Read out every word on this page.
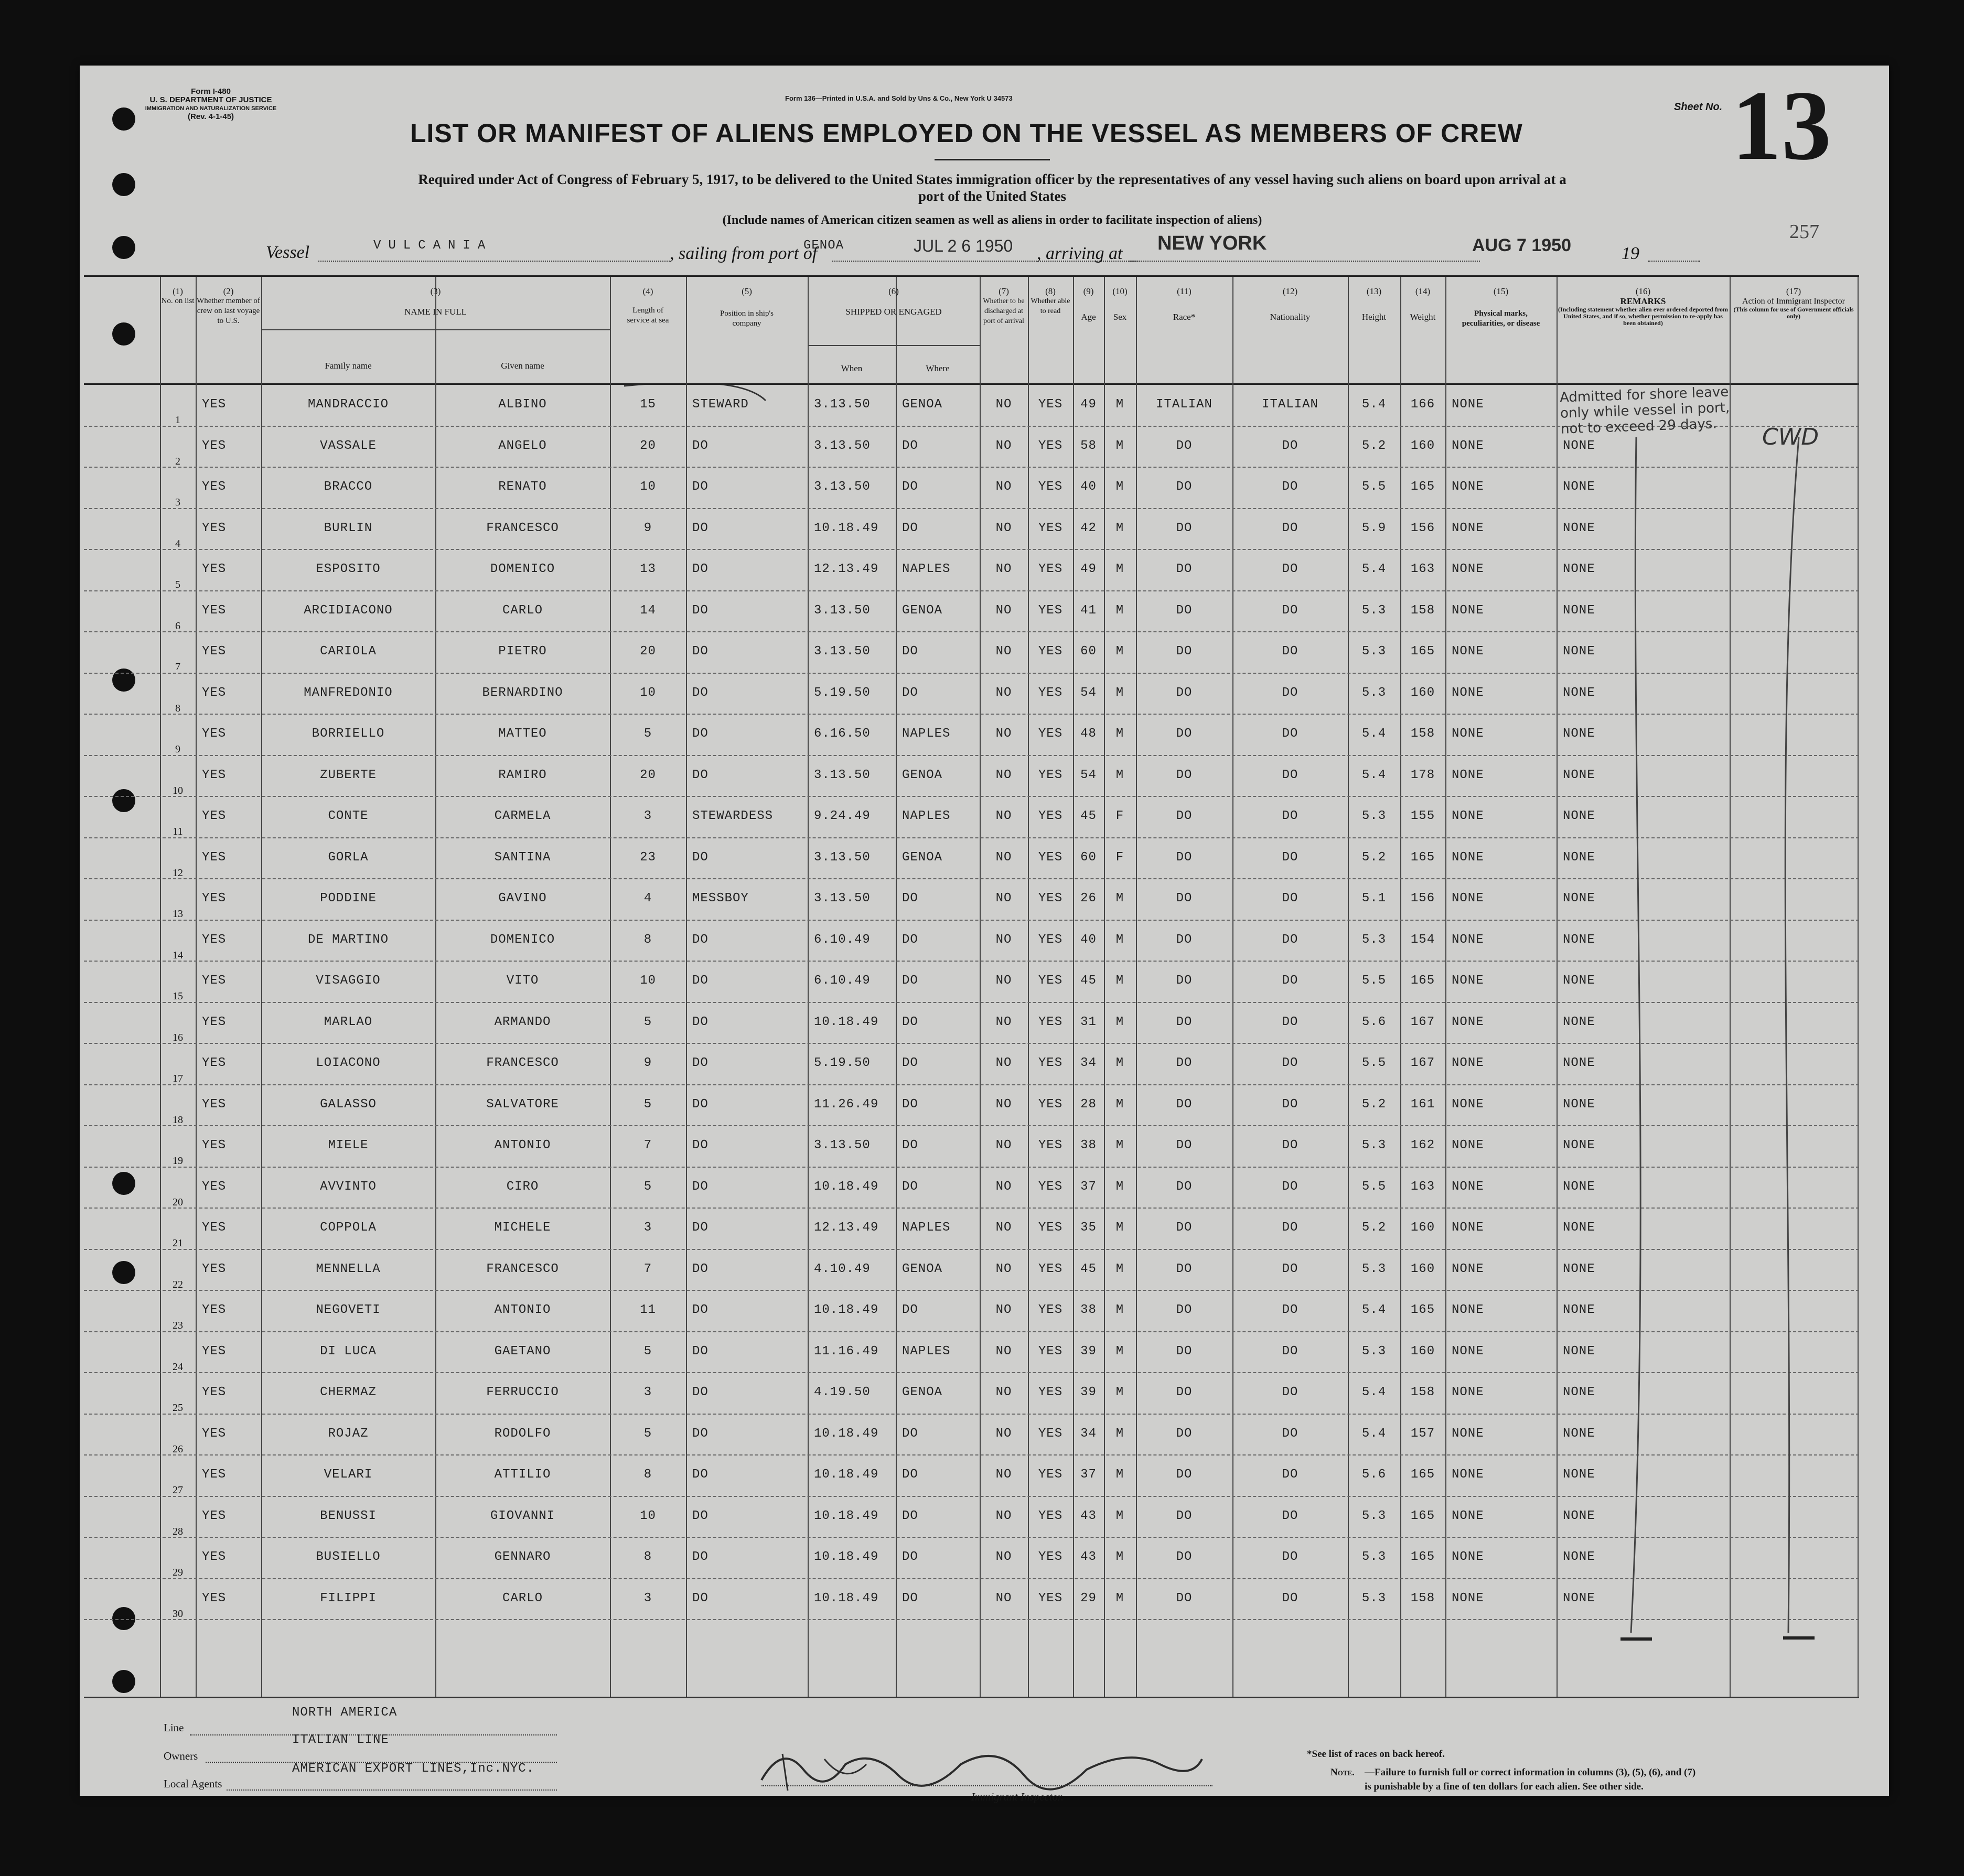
Form I-480
U. S. DEPARTMENT OF JUSTICE
IMMIGRATION AND NATURALIZATION SERVICE
(Rev. 4-1-45)
Form 136—Printed in U.S.A. and Sold by Uns & Co., New York U 34573
Sheet No. 13
257
LIST OR MANIFEST OF ALIENS EMPLOYED ON THE VESSEL AS MEMBERS OF CREW
Required under Act of Congress of February 5, 1917, to be delivered to the United States immigration officer by the representatives of any vessel having such aliens on board upon arrival at a
port of the United States
(Include names of American citizen seamen as well as aliens in order to facilitate inspection of aliens)
Vessel	VULCANIA	, sailing from port of
GENOA	JUL 2 6 1950 , arriving at NEW YORK	AUG 7 1950	19
(1)
No. on list
(2)
Whether member of crew on last voyage to U.S.
(3)
NAME IN FULL
Family name	Given name
(4)
Length of service at sea
(5)
Position in ship's company
(6)
SHIPPED OR ENGAGED
When	Where
(7)
Whether to be discharged at port of arrival
(8)
Whether able to read
(9)
Age
(10)
Sex
(11)
Race*
(12)
Nationality
(13)
Height
(14)
Weight
(15)
Physical marks, peculiarities, or disease
(16)
REMARKS
(Including statement whether alien ever ordered deported from United States, and if so, whether permission to re-apply has been obtained)
(17)
Action of Immigrant Inspector
(This column for use of Government officials only)
1
YES	MANDRACCIO	ALBINO	15	STEWARD	3.13.50	GENOA	NO	YES	49	M	ITALIAN	ITALIAN	5.4	166	NONE
2
YES	VASSALE	ANGELO	20	DO	3.13.50	DO	NO	YES	58	M	DO	DO	5.2	160	NONE	NONE
3
YES	BRACCO	RENATO	10	DO	3.13.50	DO	NO	YES	40	M	DO	DO	5.5	165	NONE	NONE
4
YES	BURLIN	FRANCESCO	9	DO	10.18.49	DO	NO	YES	42	M	DO	DO	5.9	156	NONE	NONE
5
YES	ESPOSITO	DOMENICO	13	DO	12.13.49	NAPLES	NO	YES	49	M	DO	DO	5.4	163	NONE	NONE
6
YES	ARCIDIACONO	CARLO	14	DO	3.13.50	GENOA	NO	YES	41	M	DO	DO	5.3	158	NONE	NONE
7
YES	CARIOLA	PIETRO	20	DO	3.13.50	DO	NO	YES	60	M	DO	DO	5.3	165	NONE	NONE
8
YES	MANFREDONIO	BERNARDINO	10	DO	5.19.50	DO	NO	YES	54	M	DO	DO	5.3	160	NONE	NONE
9
YES	BORRIELLO	MATTEO	5	DO	6.16.50	NAPLES	NO	YES	48	M	DO	DO	5.4	158	NONE	NONE
10
YES	ZUBERTE	RAMIRO	20	DO	3.13.50	GENOA	NO	YES	54	M	DO	DO	5.4	178	NONE	NONE
11
YES	CONTE	CARMELA	3	STEWARDESS	9.24.49	NAPLES	NO	YES	45	F	DO	DO	5.3	155	NONE	NONE
12
YES	GORLA	SANTINA	23	DO	3.13.50	GENOA	NO	YES	60	F	DO	DO	5.2	165	NONE	NONE
13
YES	PODDINE	GAVINO	4	MESSBOY	3.13.50	DO	NO	YES	26	M	DO	DO	5.1	156	NONE	NONE
14
YES	DE MARTINO	DOMENICO	8	DO	6.10.49	DO	NO	YES	40	M	DO	DO	5.3	154	NONE	NONE
15
YES	VISAGGIO	VITO	10	DO	6.10.49	DO	NO	YES	45	M	DO	DO	5.5	165	NONE	NONE
16
YES	MARLAO	ARMANDO	5	DO	10.18.49	DO	NO	YES	31	M	DO	DO	5.6	167	NONE	NONE
17
YES	LOIACONO	FRANCESCO	9	DO	5.19.50	DO	NO	YES	34	M	DO	DO	5.5	167	NONE	NONE
18
YES	GALASSO	SALVATORE	5	DO	11.26.49	DO	NO	YES	28	M	DO	DO	5.2	161	NONE	NONE
19
YES	MIELE	ANTONIO	7	DO	3.13.50	DO	NO	YES	38	M	DO	DO	5.3	162	NONE	NONE
20
YES	AVVINTO	CIRO	5	DO	10.18.49	DO	NO	YES	37	M	DO	DO	5.5	163	NONE	NONE
21
YES	COPPOLA	MICHELE	3	DO	12.13.49	NAPLES	NO	YES	35	M	DO	DO	5.2	160	NONE	NONE
22
YES	MENNELLA	FRANCESCO	7	DO	4.10.49	GENOA	NO	YES	45	M	DO	DO	5.3	160	NONE	NONE
23
YES	NEGOVETI	ANTONIO	11	DO	10.18.49	DO	NO	YES	38	M	DO	DO	5.4	165	NONE	NONE
24
YES	DI LUCA	GAETANO	5	DO	11.16.49	NAPLES	NO	YES	39	M	DO	DO	5.3	160	NONE	NONE
25
YES	CHERMAZ	FERRUCCIO	3	DO	4.19.50	GENOA	NO	YES	39	M	DO	DO	5.4	158	NONE	NONE
26
YES	ROJAZ	RODOLFO	5	DO	10.18.49	DO	NO	YES	34	M	DO	DO	5.4	157	NONE	NONE
27
YES	VELARI	ATTILIO	8	DO	10.18.49	DO	NO	YES	37	M	DO	DO	5.6	165	NONE	NONE
28
YES	BENUSSI	GIOVANNI	10	DO	10.18.49	DO	NO	YES	43	M	DO	DO	5.3	165	NONE	NONE
29
YES	BUSIELLO	GENNARO	8	DO	10.18.49	DO	NO	YES	43	M	DO	DO	5.3	165	NONE	NONE
30
YES	FILIPPI	CARLO	3	DO	10.18.49	DO	NO	YES	29	M	DO	DO	5.3	158	NONE	NONE
Admitted for shore leave only while vessel in port, not to exceed 29 days.	CWD
Line
NORTH AMERICA
ITALIAN LINE
Owners
AMERICAN EXPORT LINES,Inc.NYC.
Local Agents
Immigrant Inspector.
*See list of races on back hereof.
Note. —Failure to furnish full or correct information in columns (3), (5), (6), and (7)
is punishable by a fine of ten dollars for each alien. See other side.
